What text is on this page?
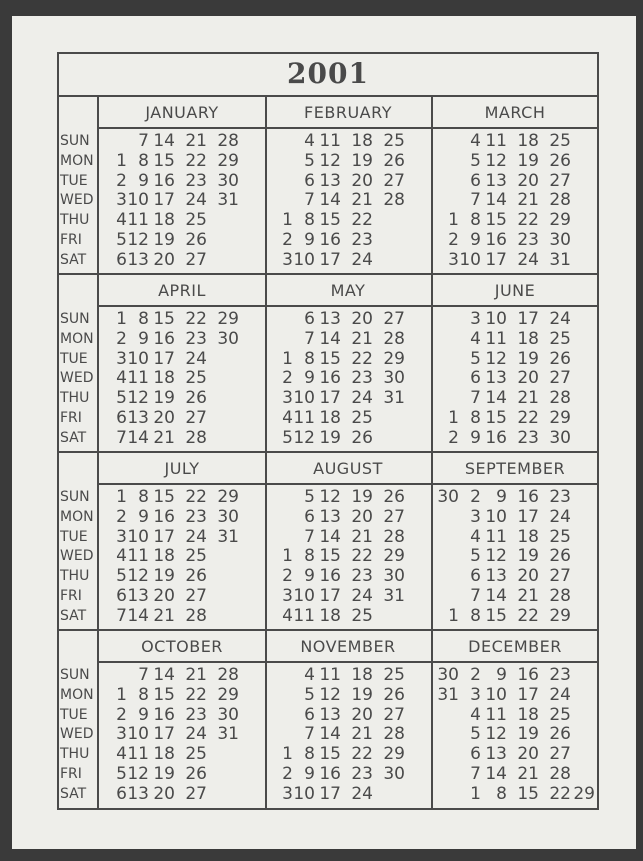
2001
SUN
MON
TUE
WED
THU
FRI
SAT
JANUARY
7 14 21 28
1 8 15 22 29
2 9 16 23 30
3 10 17 24 31
4 11 18 25
5 12 19 26
6 13 20 27
FEBRUARY
4 11 18 25
5 12 19 26
6 13 20 27
7 14 21 28
1 8 15 22
2 9 16 23
3 10 17 24
MARCH
4 11 18 25
5 12 19 26
6 13 20 27
7 14 21 28
1 8 15 22 29
2 9 16 23 30
3 10 17 24 31
SUN
MON
TUE
WED
THU
FRI
SAT
APRIL
1 8 15 22 29
2 9 16 23 30
3 10 17 24
4 11 18 25
5 12 19 26
6 13 20 27
7 14 21 28
MAY
6 13 20 27
7 14 21 28
1 8 15 22 29
2 9 16 23 30
3 10 17 24 31
4 11 18 25
5 12 19 26
JUNE
3 10 17 24
4 11 18 25
5 12 19 26
6 13 20 27
7 14 21 28
1 8 15 22 29
2 9 16 23 30
SUN
MON
TUE
WED
THU
FRI
SAT
JULY
1 8 15 22 29
2 9 16 23 30
3 10 17 24 31
4 11 18 25
5 12 19 26
6 13 20 27
7 14 21 28
AUGUST
5 12 19 26
6 13 20 27
7 14 21 28
1 8 15 22 29
2 9 16 23 30
3 10 17 24 31
4 11 18 25
SEPTEMBER
30 2 9 16 23
3 10 17 24
4 11 18 25
5 12 19 26
6 13 20 27
7 14 21 28
1 8 15 22 29
SUN
MON
TUE
WED
THU
FRI
SAT
OCTOBER
7 14 21 28
1 8 15 22 29
2 9 16 23 30
3 10 17 24 31
4 11 18 25
5 12 19 26
6 13 20 27
NOVEMBER
4 11 18 25
5 12 19 26
6 13 20 27
7 14 21 28
1 8 15 22 29
2 9 16 23 30
3 10 17 24
DECEMBER
30 2 9 16 23
31 3 10 17 24
4 11 18 25
5 12 19 26
6 13 20 27
7 14 21 28
1 8 15 22 29
